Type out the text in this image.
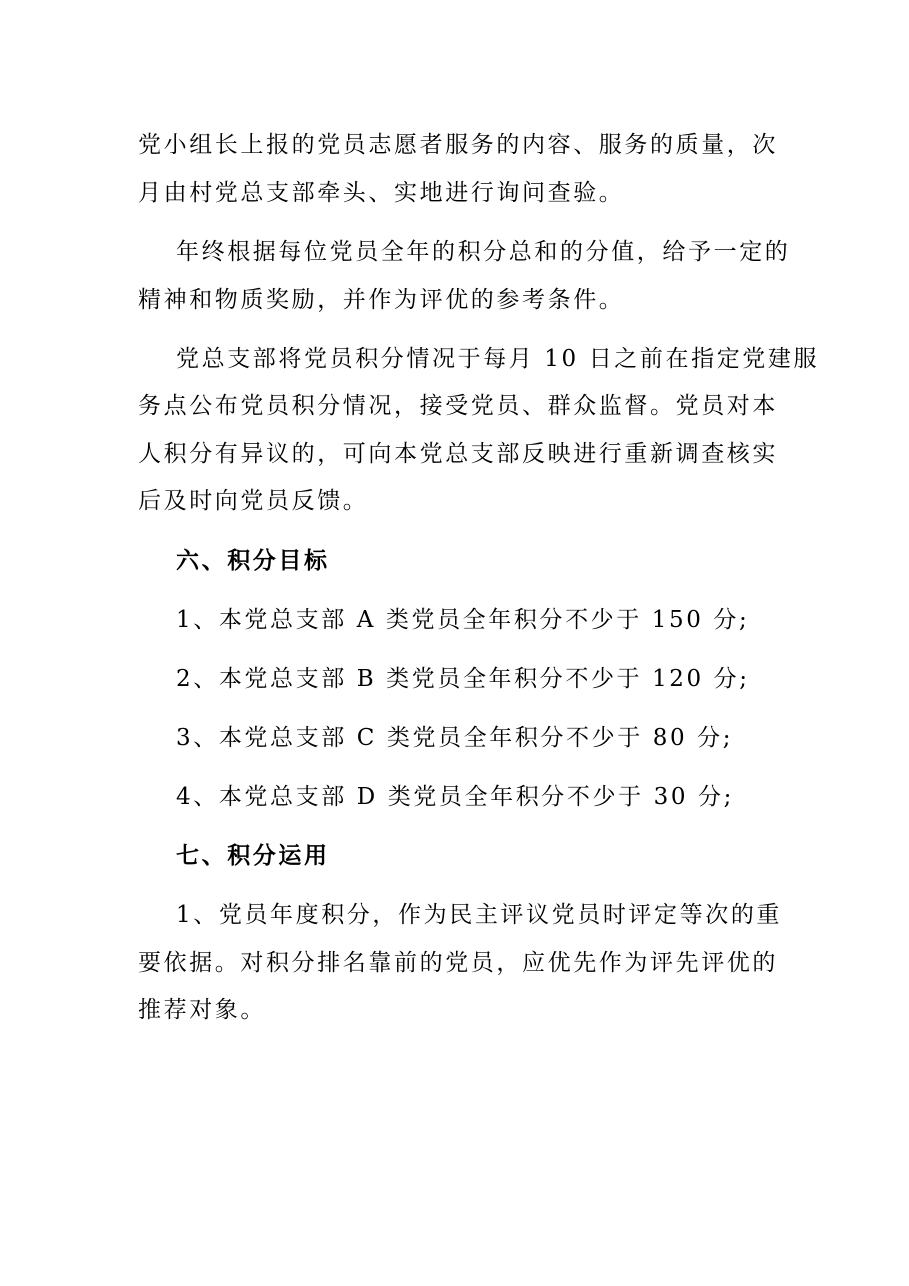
党小组长上报的党员志愿者服务的内容、服务的质量，次
月由村党总支部牵头、实地进行询问查验。
年终根据每位党员全年的积分总和的分值，给予一定的
精神和物质奖励，并作为评优的参考条件。
党总支部将党员积分情况于每月 10 日之前在指定党建服
务点公布党员积分情况，接受党员、群众监督。党员对本
人积分有异议的，可向本党总支部反映进行重新调查核实
后及时向党员反馈。
六、积分目标
1、本党总支部 A 类党员全年积分不少于 150 分;
2、本党总支部 B 类党员全年积分不少于 120 分;
3、本党总支部 C 类党员全年积分不少于 80 分;
4、本党总支部 D 类党员全年积分不少于 30 分;
七、积分运用
1、党员年度积分，作为民主评议党员时评定等次的重
要依据。对积分排名靠前的党员，应优先作为评先评优的
推荐对象。
